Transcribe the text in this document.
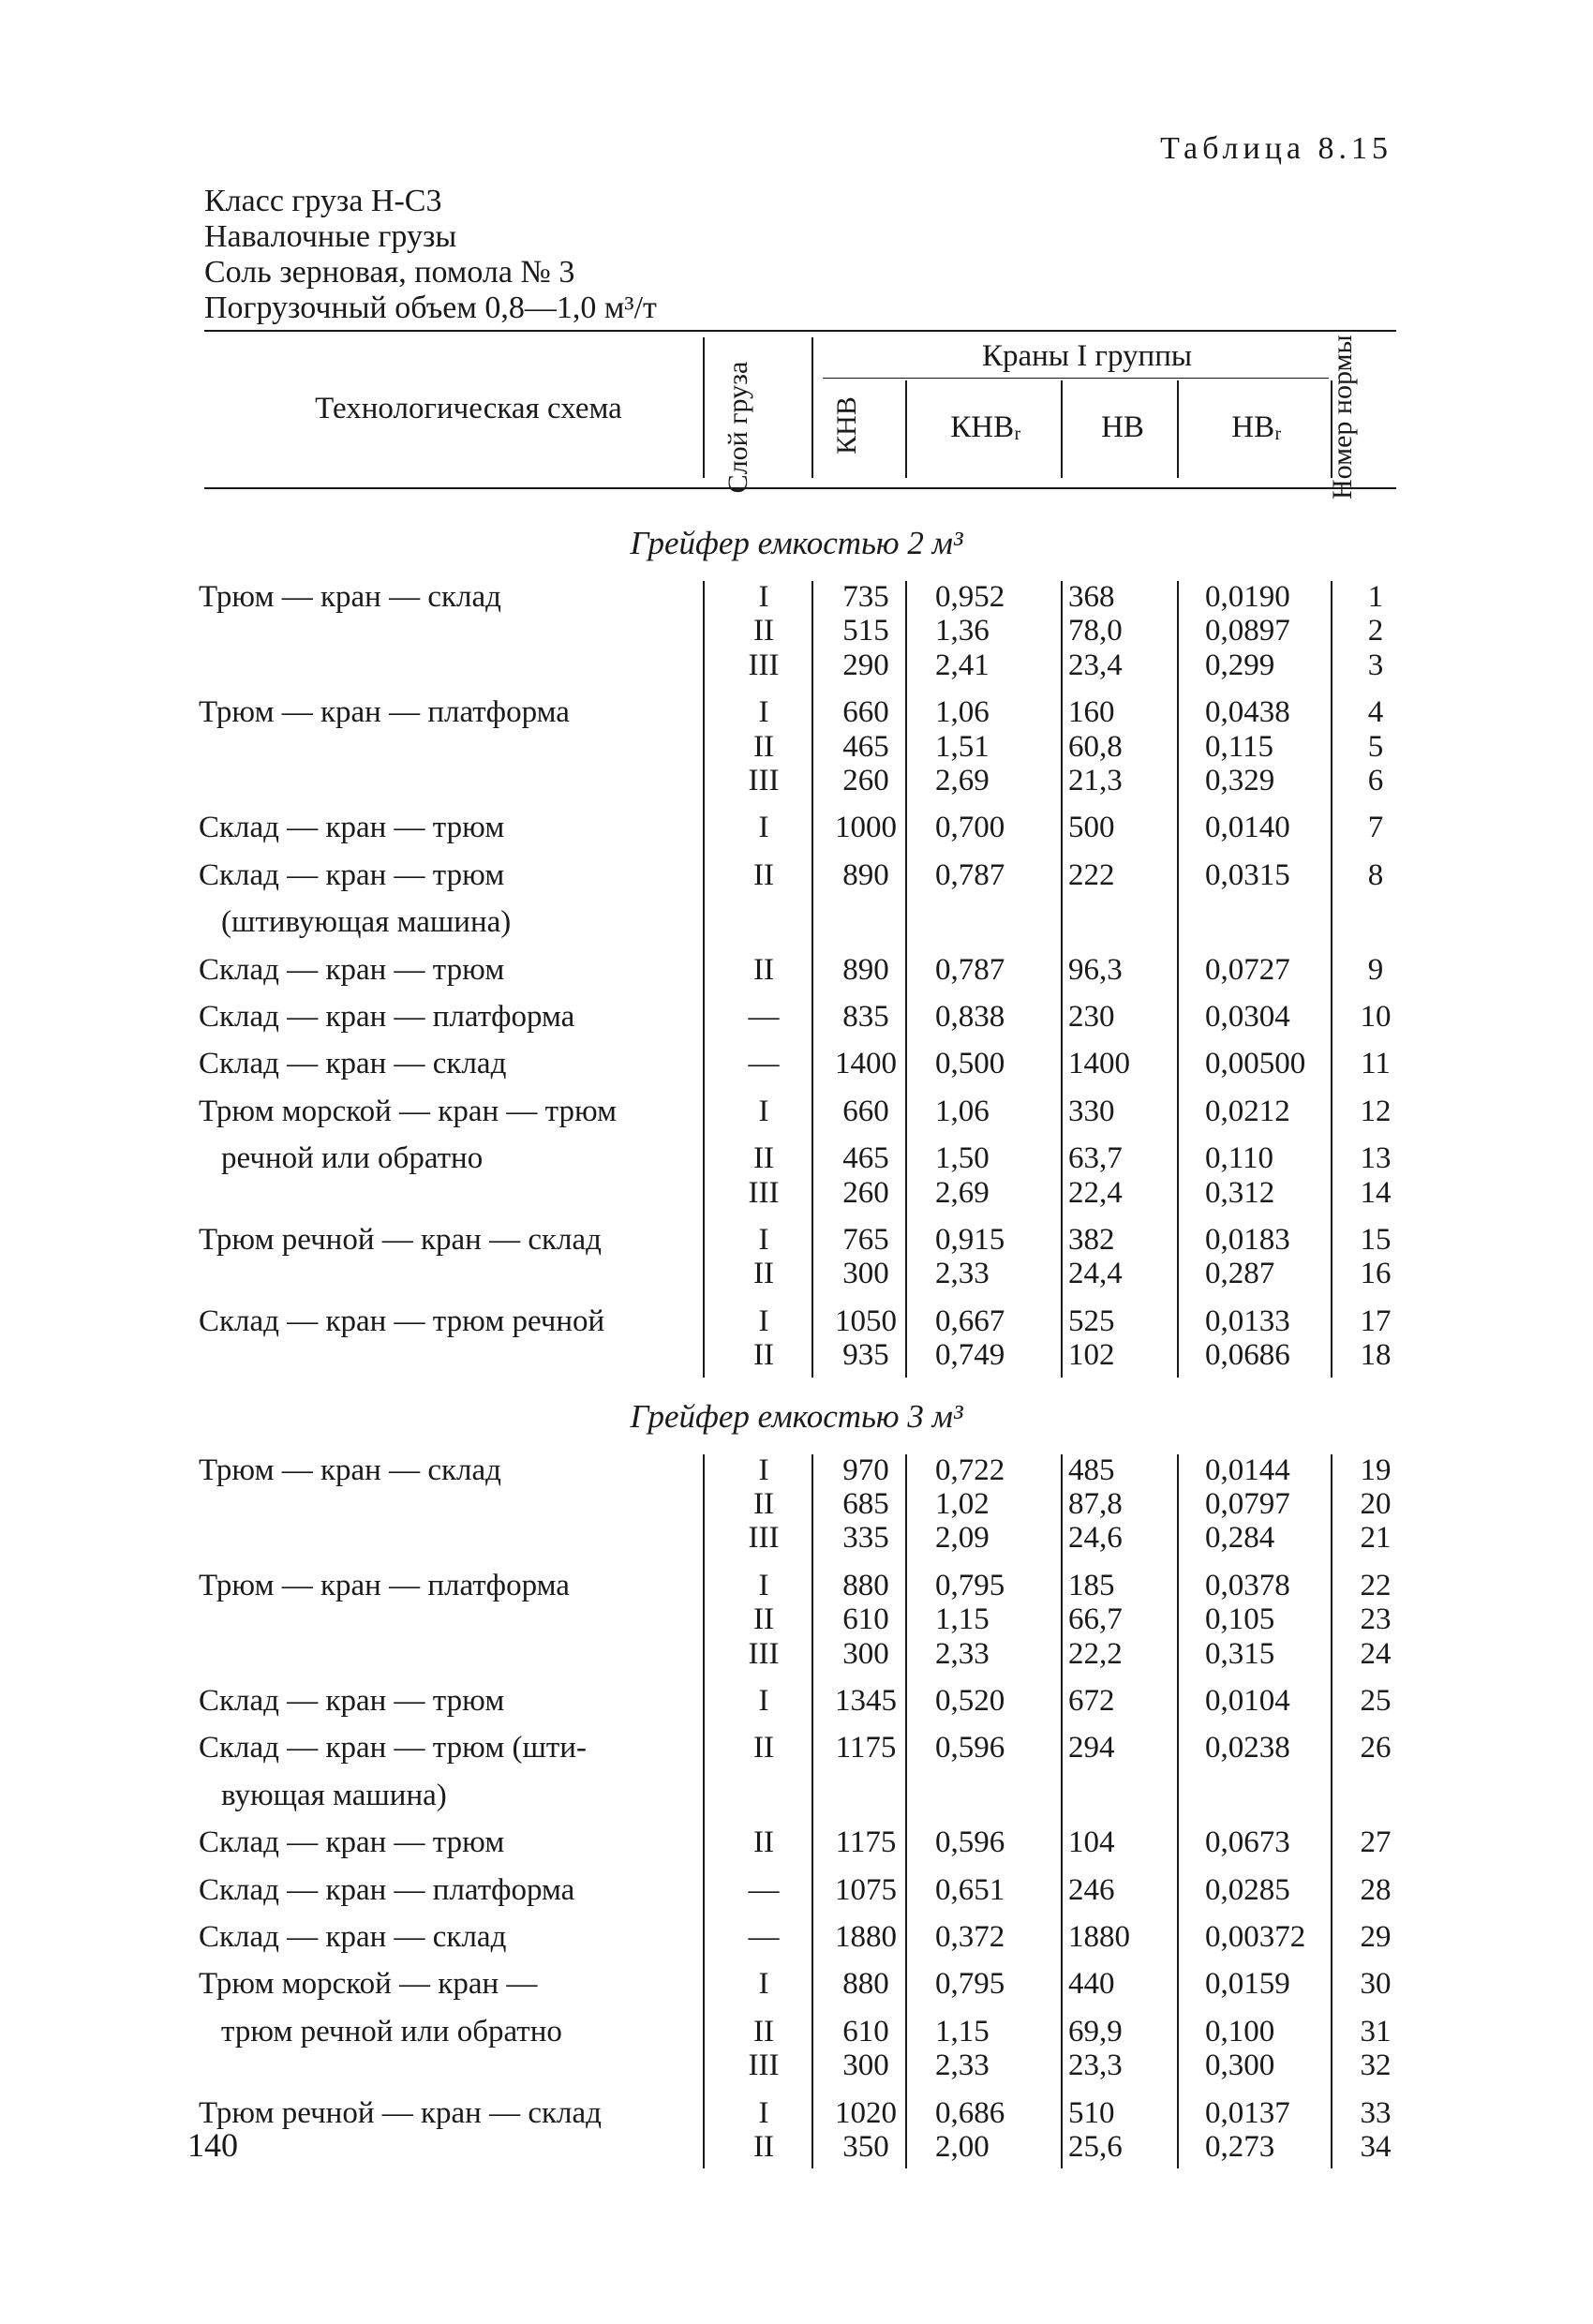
Таблица 8.15
Класс груза Н-С3
Навалочные грузы
Соль зерновая, помола № 3
Погрузочный объем 0,8—1,0 м³/т
Технологическая схема	Слой груза	КНВ
Краны I группы
КНВᵣ	НВ	НВᵣ	Номер нормы
Грейфер емкостью 2 м³
Трюм — кран — склад	I	735	0,952	368	0,0190	1
II	515	1,36	78,0	0,0897	2
III	290	2,41	23,4	0,299	3
Трюм — кран — платформа	I	660	1,06	160	0,0438	4
II	465	1,51	60,8	0,115	5
III	260	2,69	21,3	0,329	6
Склад — кран — трюм	I	1000	0,700	500	0,0140	7
Склад — кран — трюм	II	890	0,787	222	0,0315	8
(штивующая машина)
Склад — кран — трюм	II	890	0,787	96,3	0,0727	9
Склад — кран — платформа	—	835	0,838	230	0,0304	10
Склад — кран — склад	—	1400	0,500	1400	0,00500	11
Трюм морской — кран — трюм	I	660	1,06	330	0,0212	12
речной или обратно	II	465	1,50	63,7	0,110	13
III	260	2,69	22,4	0,312	14
Трюм речной — кран — склад	I	765	0,915	382	0,0183	15
II	300	2,33	24,4	0,287	16
Склад — кран — трюм речной	I	1050	0,667	525	0,0133	17
II	935	0,749	102	0,0686	18
Грейфер емкостью 3 м³
Трюм — кран — склад	I	970	0,722	485	0,0144	19
II	685	1,02	87,8	0,0797	20
III	335	2,09	24,6	0,284	21
Трюм — кран — платформа	I	880	0,795	185	0,0378	22
II	610	1,15	66,7	0,105	23
III	300	2,33	22,2	0,315	24
Склад — кран — трюм	I	1345	0,520	672	0,0104	25
Склад — кран — трюм (шти-	II	1175	0,596	294	0,0238	26
вующая машина)
Склад — кран — трюм	II	1175	0,596	104	0,0673	27
Склад — кран — платформа	—	1075	0,651	246	0,0285	28
Склад — кран — склад	—	1880	0,372	1880	0,00372	29
Трюм морской — кран —	I	880	0,795	440	0,0159	30
трюм речной или обратно	II	610	1,15	69,9	0,100	31
III	300	2,33	23,3	0,300	32
Трюм речной — кран — склад	I	1020	0,686	510	0,0137	33
II	350	2,00	25,6	0,273	34
140
